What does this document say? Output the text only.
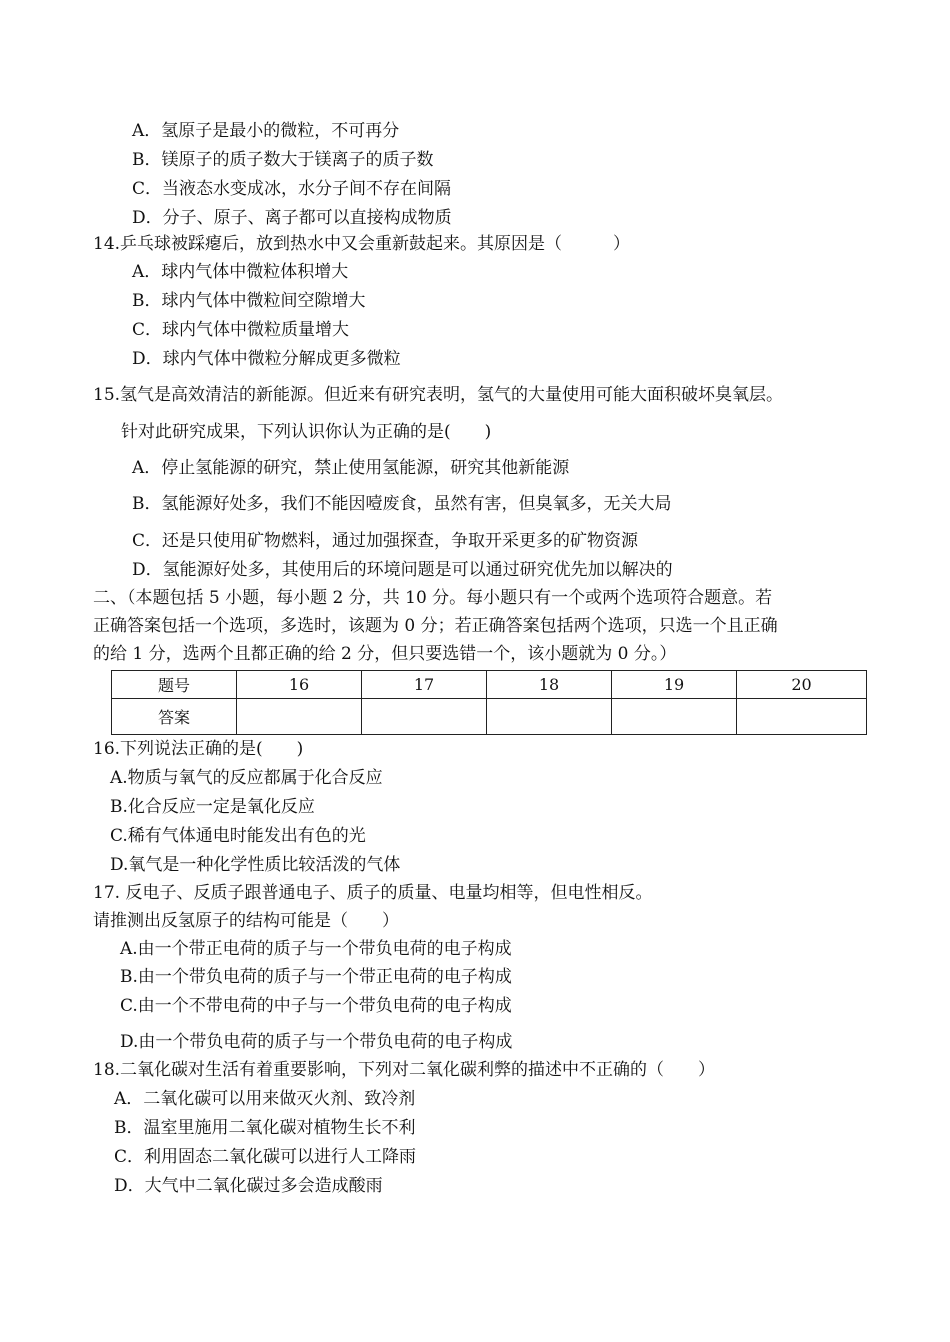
A．氢原子是最小的微粒，不可再分
B．镁原子的质子数大于镁离子的质子数
C．当液态水变成冰，水分子间不存在间隔
D．分子、原子、离子都可以直接构成物质
14.乒乓球被踩瘪后，放到热水中又会重新鼓起来。其原因是（　　　）
A．球内气体中微粒体积增大
B．球内气体中微粒间空隙增大
C．球内气体中微粒质量增大
D．球内气体中微粒分解成更多微粒
15.氢气是高效清洁的新能源。但近来有研究表明，氢气的大量使用可能大面积破坏臭氧层。
针对此研究成果，下列认识你认为正确的是(　　)
A．停止氢能源的研究，禁止使用氢能源，研究其他新能源
B．氢能源好处多，我们不能因噎废食，虽然有害，但臭氧多，无关大局
C．还是只使用矿物燃料，通过加强探查，争取开采更多的矿物资源
D．氢能源好处多，其使用后的环境问题是可以通过研究优先加以解决的
二、（本题包括 5 小题，每小题 2 分，共 10 分。每小题只有一个或两个选项符合题意。若
正确答案包括一个选项，多选时，该题为 0 分；若正确答案包括两个选项，只选一个且正确
的给 1 分，选两个且都正确的给 2 分，但只要选错一个，该小题就为 0 分。）
题号	16	17	18	19	20
答案					
16.下列说法正确的是(　　)
A.物质与氧气的反应都属于化合反应
B.化合反应一定是氧化反应
C.稀有气体通电时能发出有色的光
D.氧气是一种化学性质比较活泼的气体
17. 反电子、反质子跟普通电子、质子的质量、电量均相等，但电性相反。
请推测出反氢原子的结构可能是（　　）
A.由一个带正电荷的质子与一个带负电荷的电子构成
B.由一个带负电荷的质子与一个带正电荷的电子构成
C.由一个不带电荷的中子与一个带负电荷的电子构成
D.由一个带负电荷的质子与一个带负电荷的电子构成
18.二氧化碳对生活有着重要影响，下列对二氧化碳利弊的描述中不正确的（　　）
A．二氧化碳可以用来做灭火剂、致冷剂
B．温室里施用二氧化碳对植物生长不利
C．利用固态二氧化碳可以进行人工降雨
D．大气中二氧化碳过多会造成酸雨
